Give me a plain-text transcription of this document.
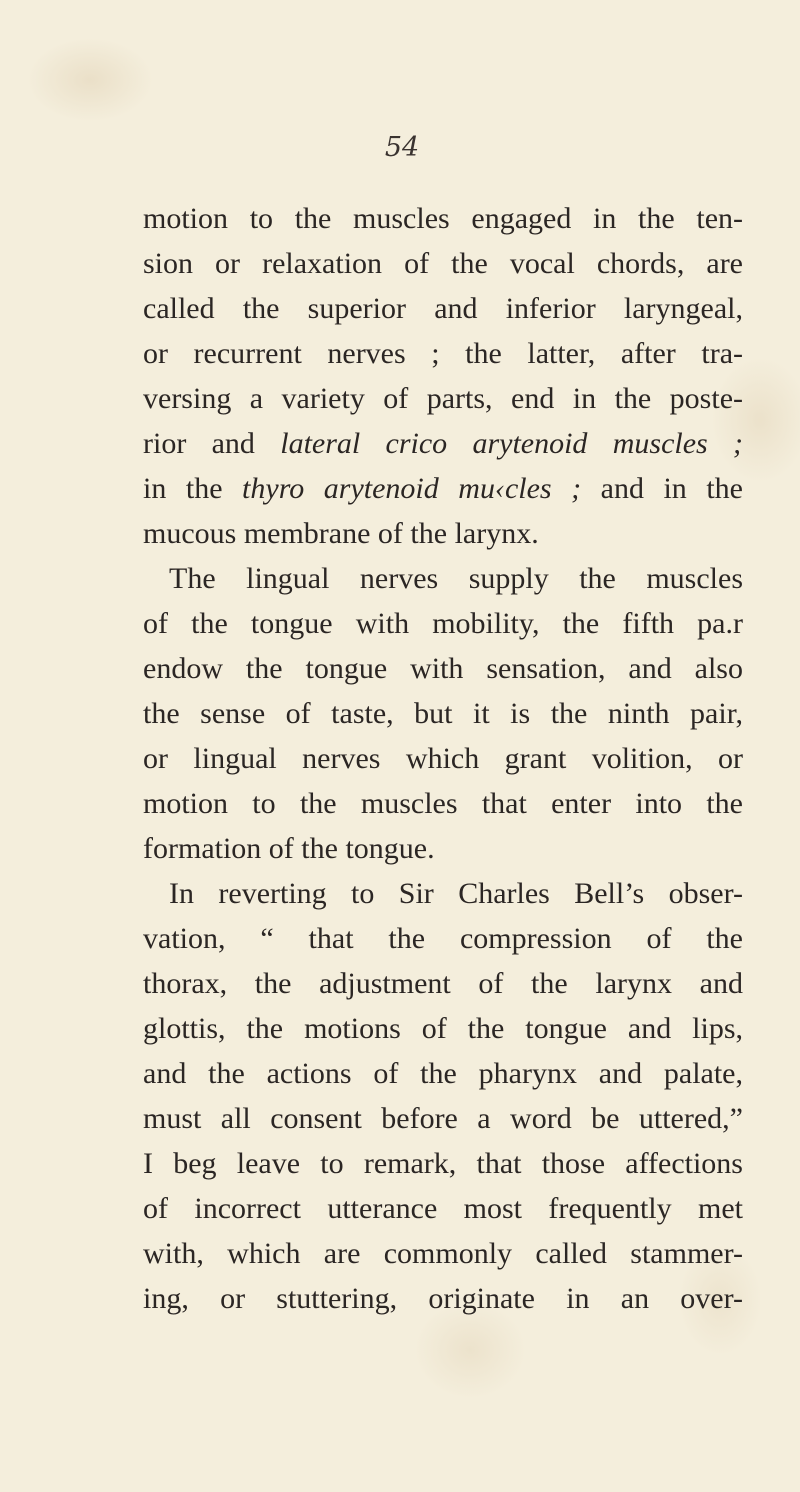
54
motion to the muscles engaged in the ten-
sion or relaxation of the vocal chords, are
called the superior and inferior laryngeal,
or recurrent nerves ; the latter, after tra-
versing a variety of parts, end in the poste-
rior and lateral crico arytenoid muscles ;
in the thyro arytenoid mu‹cles ; and in the
mucous membrane of the larynx.
The lingual nerves supply the muscles
of the tongue with mobility, the fifth pa.r
endow the tongue with sensation, and also
the sense of taste, but it is the ninth pair,
or lingual nerves which grant volition, or
motion to the muscles that enter into the
formation of the tongue.
In reverting to Sir Charles Bell’s obser-
vation, “ that the compression of the
thorax, the adjustment of the larynx and
glottis, the motions of the tongue and lips,
and the actions of the pharynx and palate,
must all consent before a word be uttered,”
I beg leave to remark, that those affections
of incorrect utterance most frequently met
with, which are commonly called stammer-
ing, or stuttering, originate in an over-
